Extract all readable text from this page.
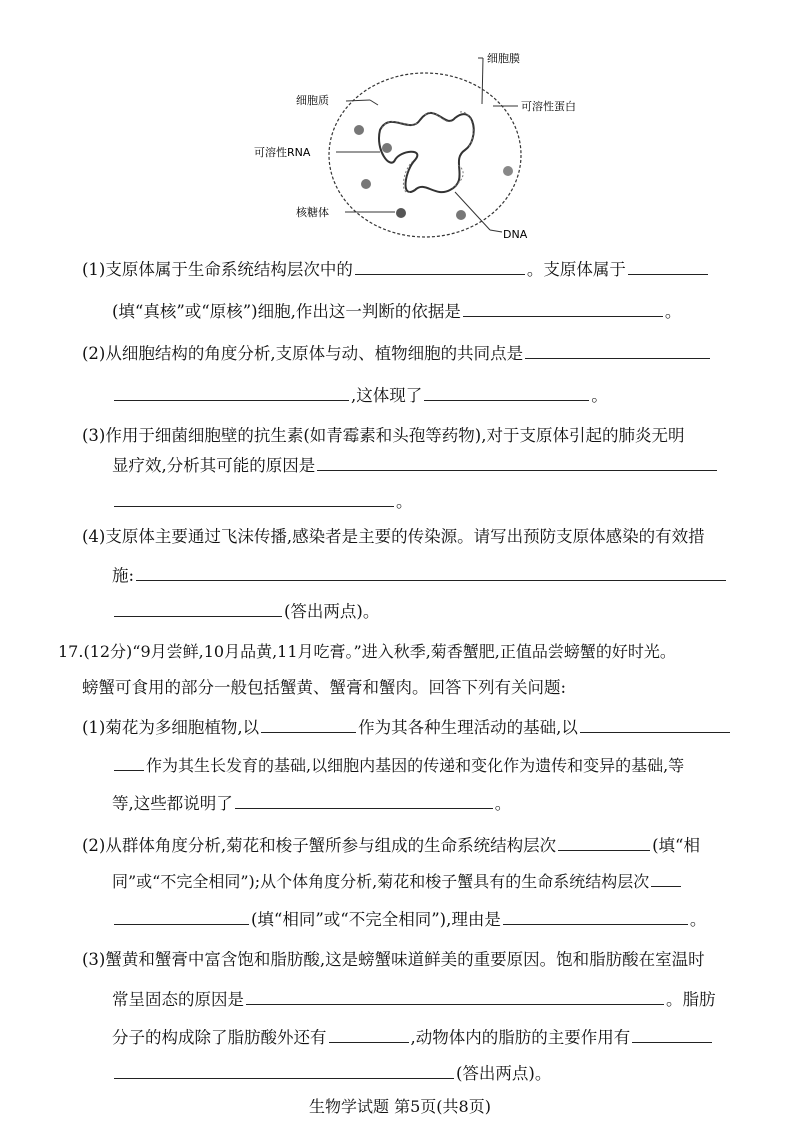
细胞膜
细胞质	可溶性蛋白
可溶性RNA
核糖体
DNA
(1)支原体属于生命系统结构层次中的	。支原体属于
(填“真核”或“原核”)细胞,作出这一判断的依据是	。
(2)从细胞结构的角度分析,支原体与动、植物细胞的共同点是
,这体现了	。
(3)作用于细菌细胞壁的抗生素(如青霉素和头孢等药物),对于支原体引起的肺炎无明
显疗效,分析其可能的原因是
。
(4)支原体主要通过飞沫传播,感染者是主要的传染源。请写出预防支原体感染的有效措
施:
(答出两点)。
17.(12分)“9月尝鲜,10月品黄,11月吃膏。”进入秋季,菊香蟹肥,正值品尝螃蟹的好时光。
螃蟹可食用的部分一般包括蟹黄、蟹膏和蟹肉。回答下列有关问题:
(1)菊花为多细胞植物,以	作为其各种生理活动的基础,以
作为其生长发育的基础,以细胞内基因的传递和变化作为遗传和变异的基础,等
等,这些都说明了	。
(2)从群体角度分析,菊花和梭子蟹所参与组成的生命系统结构层次	(填“相
同”或“不完全相同”);从个体角度分析,菊花和梭子蟹具有的生命系统结构层次
(填“相同”或“不完全相同”),理由是	。
(3)蟹黄和蟹膏中富含饱和脂肪酸,这是螃蟹味道鲜美的重要原因。饱和脂肪酸在室温时
常呈固态的原因是	。脂肪
分子的构成除了脂肪酸外还有	,动物体内的脂肪的主要作用有
(答出两点)。
生物学试题 第5页(共8页)
